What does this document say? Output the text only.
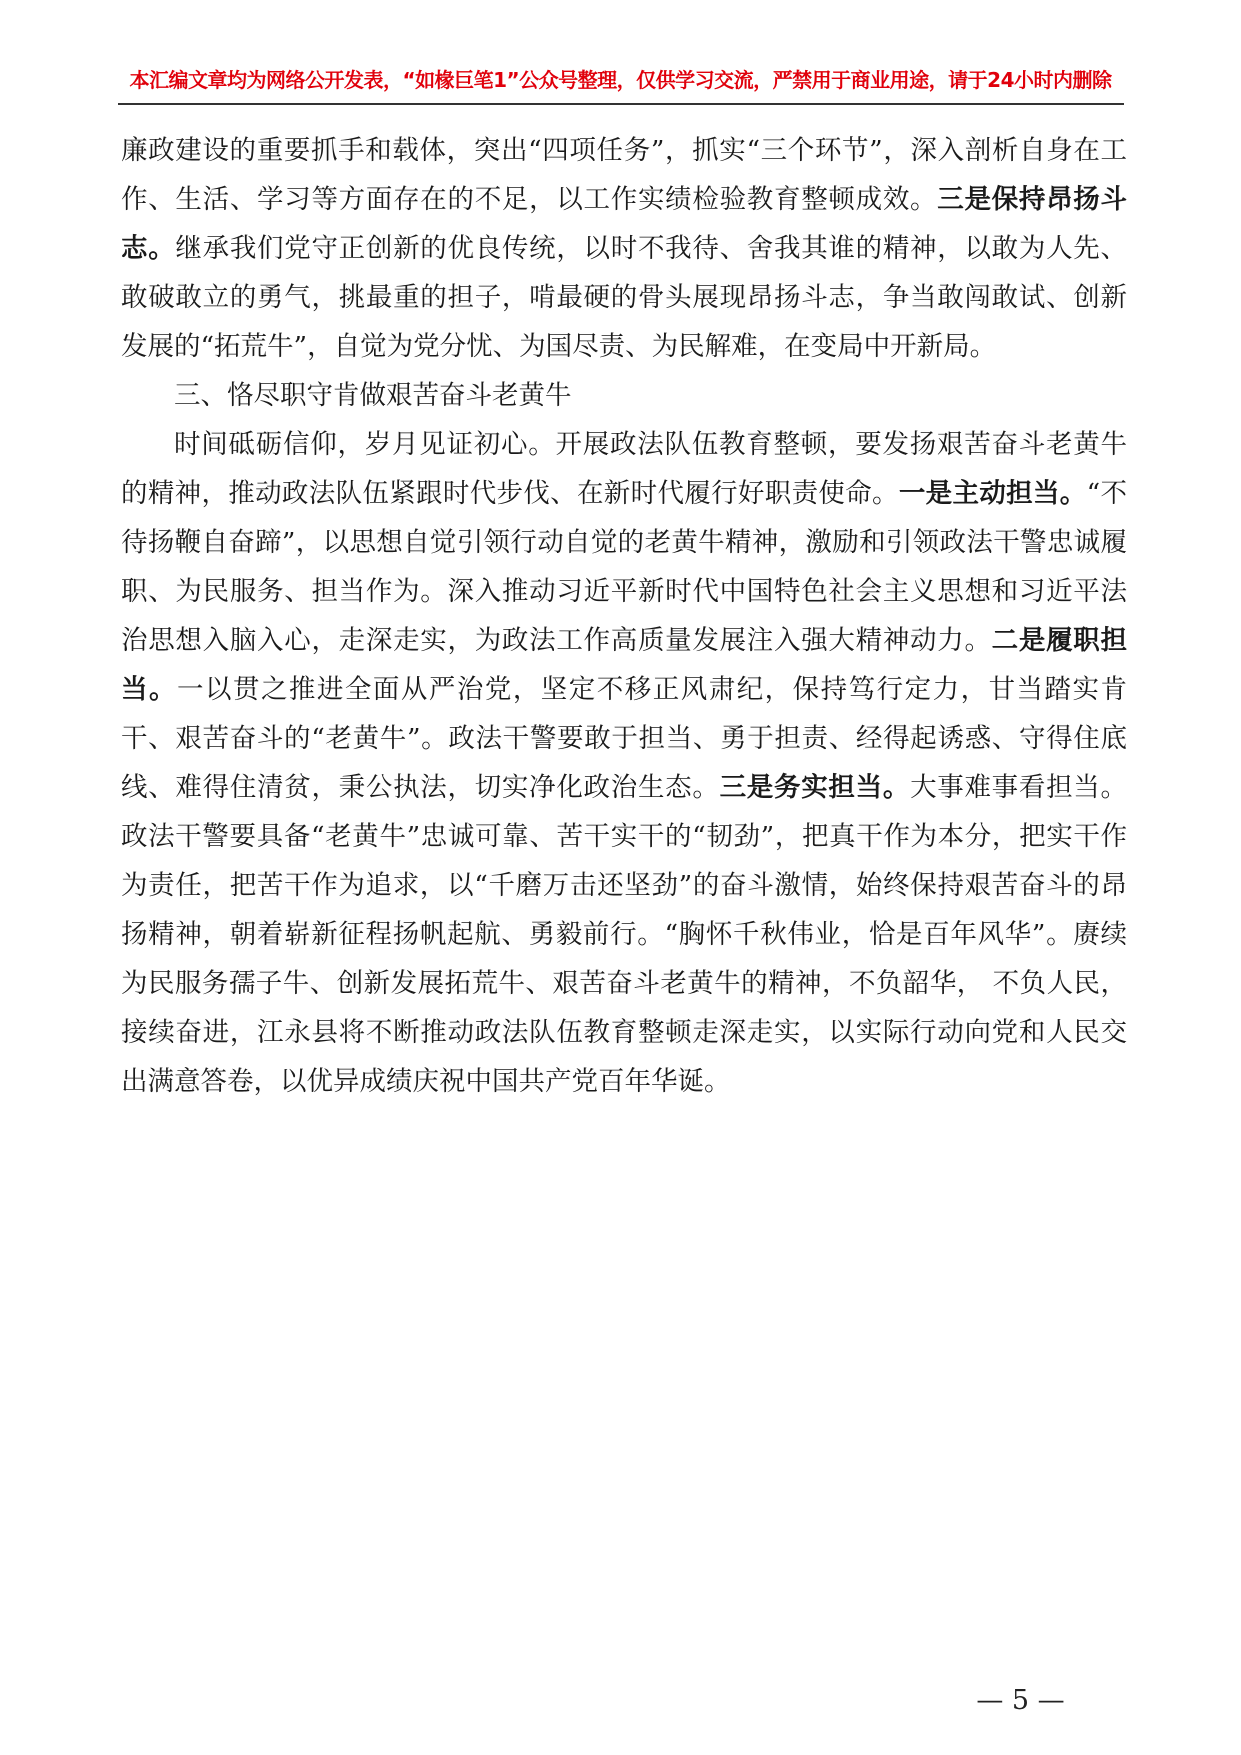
本汇编文章均为网络公开发表，“如椽巨笔1”公众号整理，仅供学习交流，严禁用于商业用途，请于24小时内删除

廉政建设的重要抓手和载体，突出“四项任务”，抓实“三个环节”，深入剖析自身在工作、生活、学习等方面存在的不足，以工作实绩检验教育整顿成效。三是保持昂扬斗志。继承我们党守正创新的优良传统，以时不我待、舍我其谁的精神，以敢为人先、敢破敢立的勇气，挑最重的担子，啃最硬的骨头展现昂扬斗志，争当敢闯敢试、创新发展的“拓荒牛”，自觉为党分忧、为国尽责、为民解难，在变局中开新局。

三、恪尽职守肯做艰苦奋斗老黄牛

时间砥砺信仰，岁月见证初心。开展政法队伍教育整顿，要发扬艰苦奋斗老黄牛的精神，推动政法队伍紧跟时代步伐、在新时代履行好职责使命。一是主动担当。“不待扬鞭自奋蹄”，以思想自觉引领行动自觉的老黄牛精神，激励和引领政法干警忠诚履职、为民服务、担当作为。深入推动习近平新时代中国特色社会主义思想和习近平法治思想入脑入心，走深走实，为政法工作高质量发展注入强大精神动力。二是履职担当。一以贯之推进全面从严治党，坚定不移正风肃纪，保持笃行定力，甘当踏实肯干、艰苦奋斗的“老黄牛”。政法干警要敢于担当、勇于担责、经得起诱惑、守得住底线、难得住清贫，秉公执法，切实净化政治生态。三是务实担当。大事难事看担当。政法干警要具备“老黄牛”忠诚可靠、苦干实干的“韧劲”，把真干作为本分，把实干作为责任，把苦干作为追求，以“千磨万击还坚劲”的奋斗激情，始终保持艰苦奋斗的昂扬精神，朝着崭新征程扬帆起航、勇毅前行。“胸怀千秋伟业，恰是百年风华”。赓续为民服务孺子牛、创新发展拓荒牛、艰苦奋斗老黄牛的精神，不负韶华， 不负人民，接续奋进，江永县将不断推动政法队伍教育整顿走深走实，以实际行动向党和人民交出满意答卷，以优异成绩庆祝中国共产党百年华诞。

— 5 —
